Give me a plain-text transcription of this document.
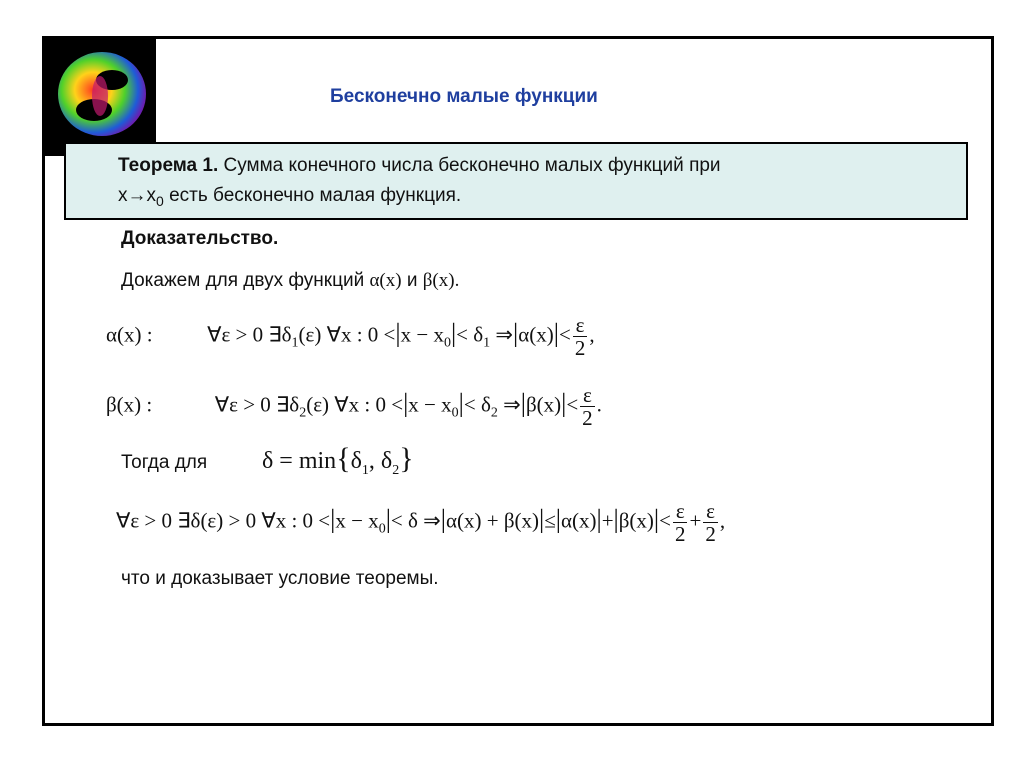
Бесконечно малые функции
Теорема 1. Сумма конечного числа бесконечно малых функций при
$x\to x_0$ есть бесконечно малая функция.
Доказательство.
Докажем для двух функций α(x) и β(x).
α(x) :	∀ε > 0 $\exists\delta_1(\varepsilon)$ ∀x : $0 <|x - x_0|< \delta_1$ ⇒|α(x)|< $\frac{\varepsilon}{2}$ ,
β(x) :	∀ε > 0 $\exists\delta_2(\varepsilon)$ ∀x : $0 <|x - x_0|< \delta_2$ ⇒|β(x)|< $\frac{\varepsilon}{2}$ .
Тогда для $\delta = \min\{\delta_1$, $\delta_2$}
∀ε > 0 ∃δ(ε) > 0 ∀x : $0 <|x - x_0|< \delta$ ⇒|α(x) + $\beta(x)|\le|\alpha(x)|+|\beta(x)|< \frac{\varepsilon}{2} + \frac{\varepsilon}{2}$ ,
что и доказывает условие теоремы.
